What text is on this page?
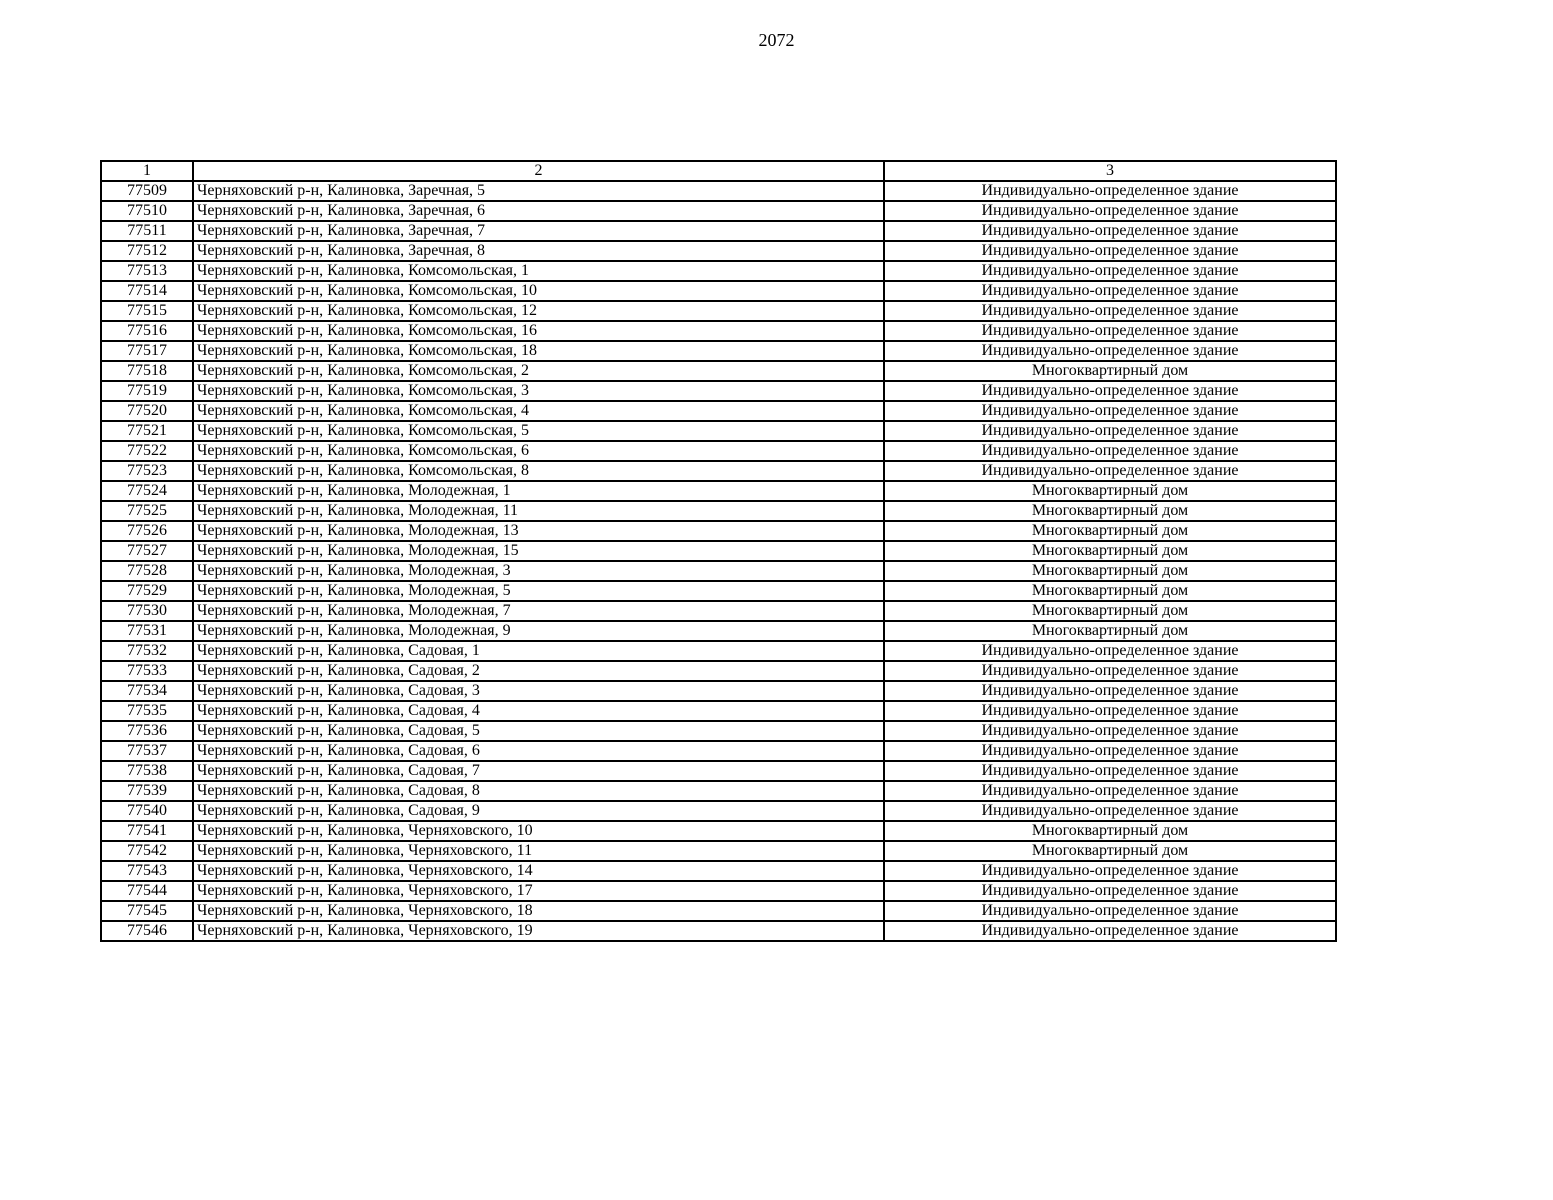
2072
1	2	3
77509	Черняховский р-н, Калиновка, Заречная, 5	Индивидуально-определенное здание
77510	Черняховский р-н, Калиновка, Заречная, 6	Индивидуально-определенное здание
77511	Черняховский р-н, Калиновка, Заречная, 7	Индивидуально-определенное здание
77512	Черняховский р-н, Калиновка, Заречная, 8	Индивидуально-определенное здание
77513	Черняховский р-н, Калиновка, Комсомольская, 1	Индивидуально-определенное здание
77514	Черняховский р-н, Калиновка, Комсомольская, 10	Индивидуально-определенное здание
77515	Черняховский р-н, Калиновка, Комсомольская, 12	Индивидуально-определенное здание
77516	Черняховский р-н, Калиновка, Комсомольская, 16	Индивидуально-определенное здание
77517	Черняховский р-н, Калиновка, Комсомольская, 18	Индивидуально-определенное здание
77518	Черняховский р-н, Калиновка, Комсомольская, 2	Многоквартирный дом
77519	Черняховский р-н, Калиновка, Комсомольская, 3	Индивидуально-определенное здание
77520	Черняховский р-н, Калиновка, Комсомольская, 4	Индивидуально-определенное здание
77521	Черняховский р-н, Калиновка, Комсомольская, 5	Индивидуально-определенное здание
77522	Черняховский р-н, Калиновка, Комсомольская, 6	Индивидуально-определенное здание
77523	Черняховский р-н, Калиновка, Комсомольская, 8	Индивидуально-определенное здание
77524	Черняховский р-н, Калиновка, Молодежная, 1	Многоквартирный дом
77525	Черняховский р-н, Калиновка, Молодежная, 11	Многоквартирный дом
77526	Черняховский р-н, Калиновка, Молодежная, 13	Многоквартирный дом
77527	Черняховский р-н, Калиновка, Молодежная, 15	Многоквартирный дом
77528	Черняховский р-н, Калиновка, Молодежная, 3	Многоквартирный дом
77529	Черняховский р-н, Калиновка, Молодежная, 5	Многоквартирный дом
77530	Черняховский р-н, Калиновка, Молодежная, 7	Многоквартирный дом
77531	Черняховский р-н, Калиновка, Молодежная, 9	Многоквартирный дом
77532	Черняховский р-н, Калиновка, Садовая, 1	Индивидуально-определенное здание
77533	Черняховский р-н, Калиновка, Садовая, 2	Индивидуально-определенное здание
77534	Черняховский р-н, Калиновка, Садовая, 3	Индивидуально-определенное здание
77535	Черняховский р-н, Калиновка, Садовая, 4	Индивидуально-определенное здание
77536	Черняховский р-н, Калиновка, Садовая, 5	Индивидуально-определенное здание
77537	Черняховский р-н, Калиновка, Садовая, 6	Индивидуально-определенное здание
77538	Черняховский р-н, Калиновка, Садовая, 7	Индивидуально-определенное здание
77539	Черняховский р-н, Калиновка, Садовая, 8	Индивидуально-определенное здание
77540	Черняховский р-н, Калиновка, Садовая, 9	Индивидуально-определенное здание
77541	Черняховский р-н, Калиновка, Черняховского, 10	Многоквартирный дом
77542	Черняховский р-н, Калиновка, Черняховского, 11	Многоквартирный дом
77543	Черняховский р-н, Калиновка, Черняховского, 14	Индивидуально-определенное здание
77544	Черняховский р-н, Калиновка, Черняховского, 17	Индивидуально-определенное здание
77545	Черняховский р-н, Калиновка, Черняховского, 18	Индивидуально-определенное здание
77546	Черняховский р-н, Калиновка, Черняховского, 19	Индивидуально-определенное здание
